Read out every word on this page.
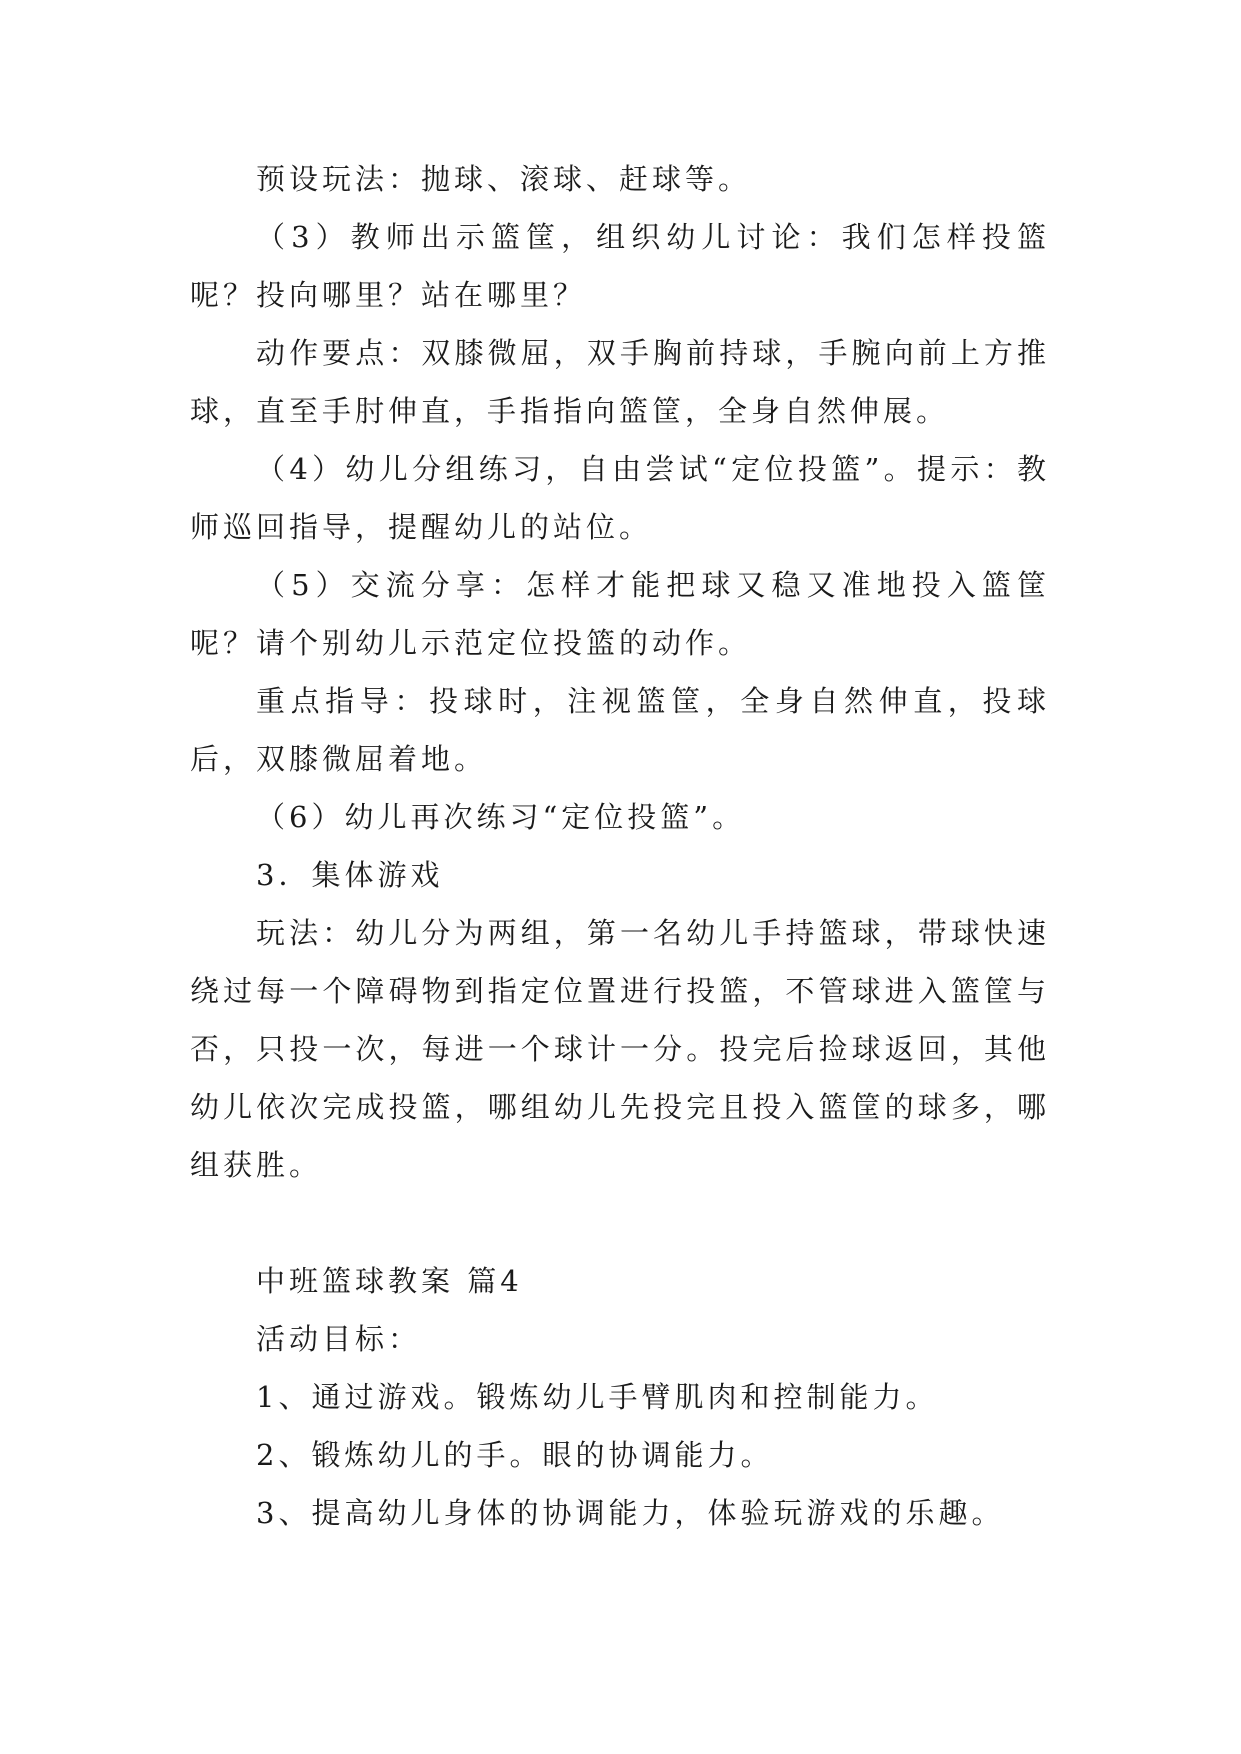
预设玩法：抛球、滚球、赶球等。

（3）教师出示篮筐，组织幼儿讨论：我们怎样投篮呢？投向哪里？站在哪里？

动作要点：双膝微屈，双手胸前持球，手腕向前上方推球，直至手肘伸直，手指指向篮筐，全身自然伸展。

（4）幼儿分组练习，自由尝试“定位投篮”。提示：教师巡回指导，提醒幼儿的站位。

（5）交流分享：怎样才能把球又稳又准地投入篮筐呢？请个别幼儿示范定位投篮的动作。

重点指导：投球时，注视篮筐，全身自然伸直，投球后，双膝微屈着地。

（6）幼儿再次练习“定位投篮”。

3．集体游戏

玩法：幼儿分为两组，第一名幼儿手持篮球，带球快速绕过每一个障碍物到指定位置进行投篮，不管球进入篮筐与否，只投一次，每进一个球计一分。投完后捡球返回，其他幼儿依次完成投篮，哪组幼儿先投完且投入篮筐的球多，哪组获胜。

中班篮球教案 篇4

活动目标：

1、通过游戏。锻炼幼儿手臂肌肉和控制能力。

2、锻炼幼儿的手。眼的协调能力。

3、提高幼儿身体的协调能力，体验玩游戏的乐趣。
